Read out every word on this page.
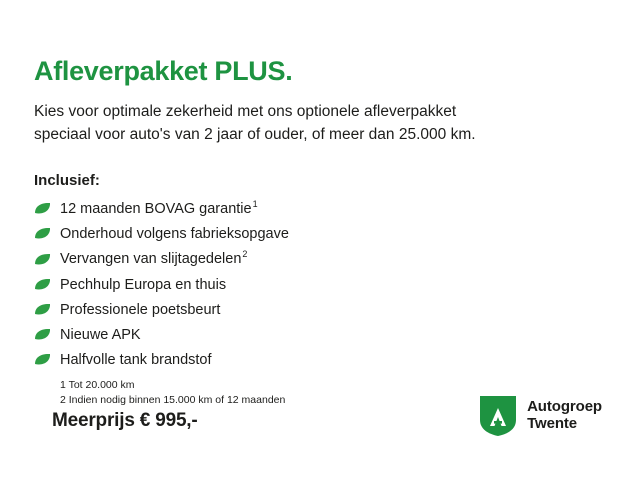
Afleverpakket PLUS.

Kies voor optimale zekerheid met ons optionele afleverpakket
speciaal voor auto's van 2 jaar of ouder, of meer dan 25.000 km.

Inclusief:
12 maanden BOVAG garantie$^1$
Onderhoud volgens fabrieksopgave
Vervangen van slijtagedelen$^2$
Pechhulp Europa en thuis
Professionele poetsbeurt
Nieuwe APK
Halfvolle tank brandstof
1 Tot 20.000 km
2 Indien nodig binnen 15.000 km of 12 maanden
Meerprijs € 995,-
Autogroep
Twente
